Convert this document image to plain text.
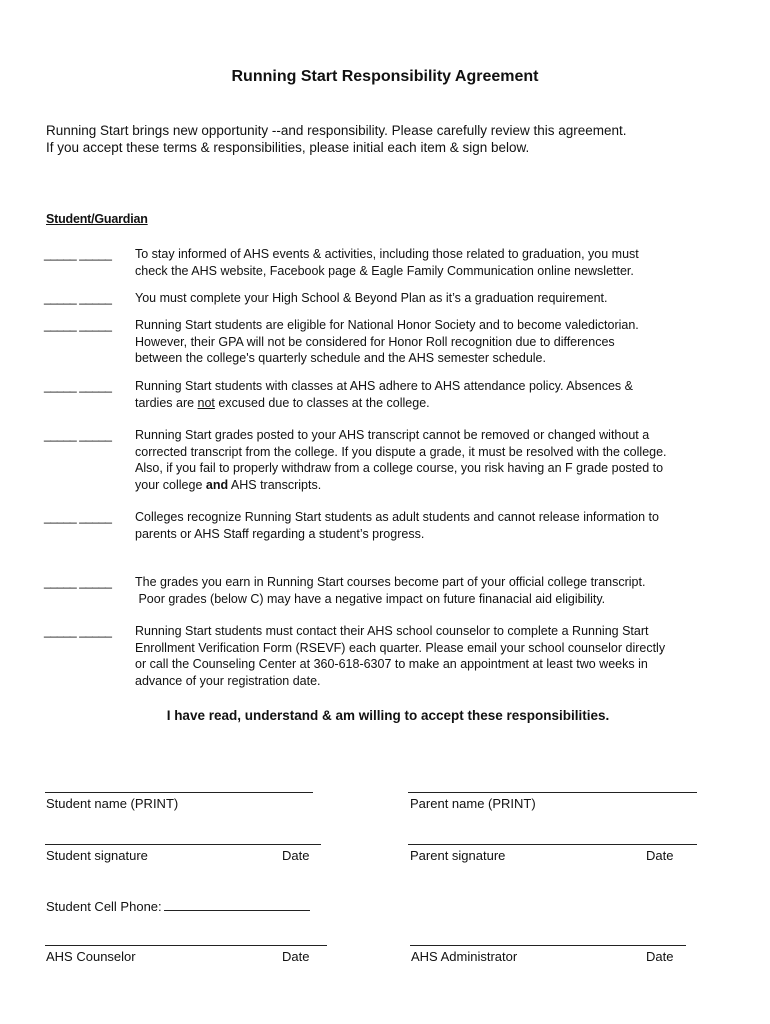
Running Start Responsibility Agreement
Running Start brings new opportunity --and responsibility. Please carefully review this agreement.
If you accept these terms & responsibilities, please initial each item & sign below.
Student/Guardian
_____ _____	To stay informed of AHS events & activities, including those related to graduation, you must
check the AHS website, Facebook page & Eagle Family Communication online newsletter.
_____ _____	You must complete your High School & Beyond Plan as it’s a graduation requirement.
_____ _____	Running Start students are eligible for National Honor Society and to become valedictorian.
However, their GPA will not be considered for Honor Roll recognition due to differences
between the college's quarterly schedule and the AHS semester schedule.
_____ _____	Running Start students with classes at AHS adhere to AHS attendance policy. Absences &
tardies are not excused due to classes at the college.
_____ _____	Running Start grades posted to your AHS transcript cannot be removed or changed without a
corrected transcript from the college. If you dispute a grade, it must be resolved with the college.
Also, if you fail to properly withdraw from a college course, you risk having an F grade posted to
your college and AHS transcripts.
_____ _____	Colleges recognize Running Start students as adult students and cannot release information to
parents or AHS Staff regarding a student’s progress.
_____ _____	The grades you earn in Running Start courses become part of your official college transcript.
Poor grades (below C) may have a negative impact on future finanacial aid eligibility.
_____ _____	Running Start students must contact their AHS school counselor to complete a Running Start
Enrollment Verification Form (RSEVF) each quarter. Please email your school counselor directly
or call the Counseling Center at 360-618-6307 to make an appointment at least two weeks in
advance of your registration date.
I have read, understand & am willing to accept these responsibilities.
Student name (PRINT)	Parent name (PRINT)
Student signature	Date	Parent signature	Date
Student Cell Phone:
AHS Counselor	Date	AHS Administrator	Date
